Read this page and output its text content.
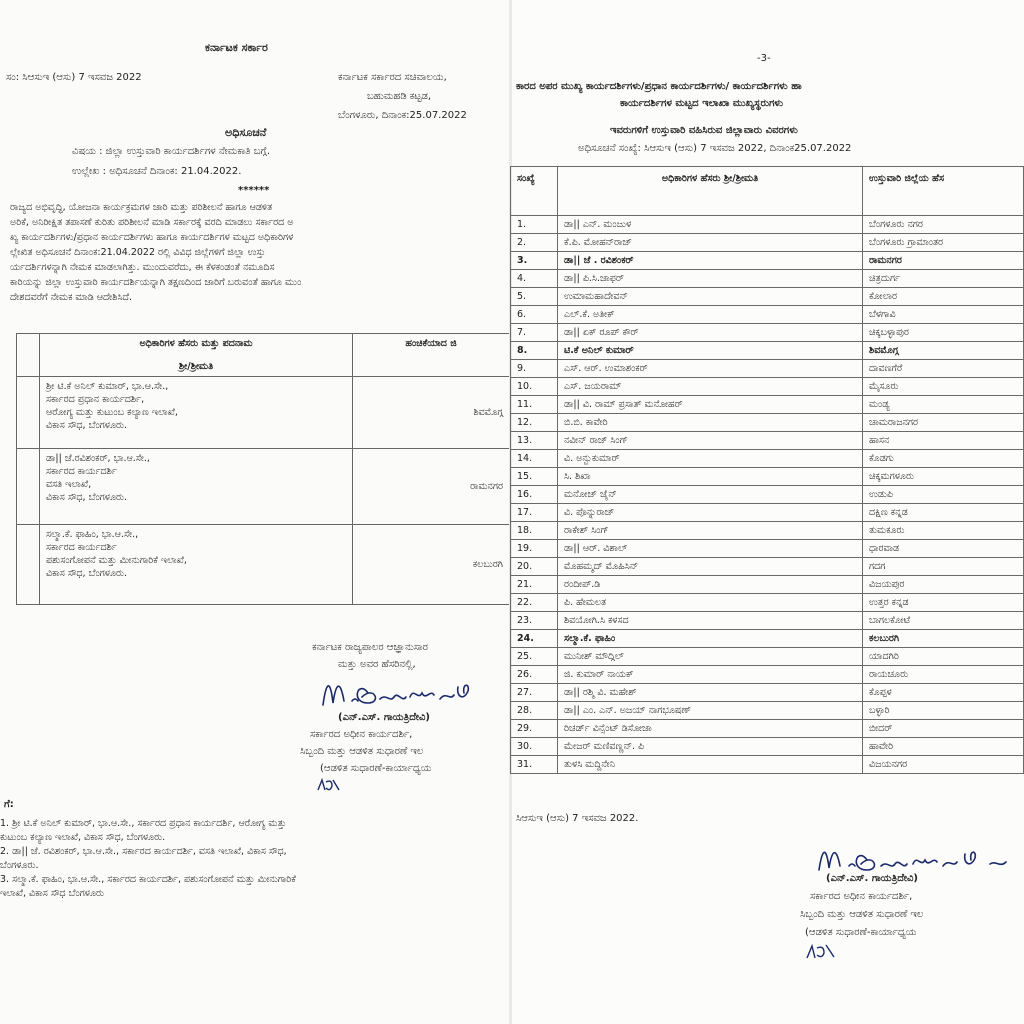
ಕರ್ನಾಟಕ ಸರ್ಕಾರ
ಸಂ: ಸಿಆಸುಇ (ಆಸು) 7 ಇಸವಜ 2022	ಕರ್ನಾಟಕ ಸರ್ಕಾರದ ಸಚಿವಾಲಯ,
ಬಹುಮಹಡಿ ಕಟ್ಟಡ,
ಬೆಂಗಳೂರು, ದಿನಾಂಕ:25.07.2022
ಅಧಿಸೂಚನೆ
ವಿಷಯ : ಜಿಲ್ಲಾ ಉಸ್ತುವಾರಿ ಕಾರ್ಯದರ್ಶಿಗಳ ನೇಮಕಾತಿ ಬಗ್ಗೆ.
ಉಲ್ಲೇಖ : ಅಧಿಸೂಚನೆ ದಿನಾಂಕ: 21.04.2022.
******
ರಾಜ್ಯದ ಅಭಿವೃದ್ಧಿ, ಯೋಜನಾ ಕಾರ್ಯಕ್ರಮಗಳ ಜಾರಿ ಮತ್ತು ಪರಿಶೀಲನೆ ಹಾಗೂ ಆಡಳಿತ
ಅರಿಕೆ, ಅನಿರೀಕ್ಷಿತ ತಪಾಸಣೆ ಕುರಿತು ಪರಿಶೀಲನೆ ಮಾಡಿ ಸರ್ಕಾರಕ್ಕೆ ವರದಿ ಮಾಡಲು ಸರ್ಕಾರದ ಅ
ಖ್ಯ ಕಾರ್ಯದರ್ಶಿಗಳು/ಪ್ರಧಾನ ಕಾರ್ಯದರ್ಶಿಗಳು ಹಾಗೂ ಕಾರ್ಯದರ್ಶಿಗಳ ಮಟ್ಟದ ಅಧಿಕಾರಿಗಳ
ಲ್ಲೇಖಿತ ಅಧಿಸೂಚನೆ ದಿನಾಂಕ:21.04.2022 ರಲ್ಲಿ ವಿವಿಧ ಜಿಲ್ಲೆಗಳಿಗೆ ಜಿಲ್ಲಾ ಉಸ್ತು
ರ್ಯದರ್ಶಿಗಳನ್ನಾಗಿ ನೇಮಕ ಮಾಡಲಾಗಿತ್ತು. ಮುಂದುವರೆದು, ಈ ಕೆಳಕಂಡಂತೆ ನಮೂದಿಸ
ಕಾರಿಯನ್ನು ಜಿಲ್ಲಾ ಉಸ್ತುವಾರಿ ಕಾರ್ಯದರ್ಶಿಯನ್ನಾಗಿ ತಕ್ಷಣದಿಂದ ಜಾರಿಗೆ ಬರುವಂತೆ ಹಾಗೂ ಮುಂ
ದೇಶದವರೆಗೆ ನೇಮಕ ಮಾಡಿ ಆದೇಶಿಸಿದೆ.

	ಅಧಿಕಾರಿಗಳ ಹೆಸರು ಮತ್ತು ಪದನಾಮ
ಶ್ರೀ/ಶ್ರೀಮತಿ	ಹಂಚಿಕೆಯಾದ ಜಿ

	ಶ್ರೀ ಟಿ.ಕೆ ಅನಿಲ್ ಕುಮಾರ್, ಭಾ.ಆ.ಸೇ.,
ಸರ್ಕಾರದ ಪ್ರಧಾನ ಕಾರ್ಯದರ್ಶಿ,
ಆರೋಗ್ಯ ಮತ್ತು ಕುಟುಂಬ ಕಲ್ಯಾಣ ಇಲಾಖೆ,
ವಿಕಾಸ ಸೌಧ, ಬೆಂಗಳೂರು.	ಶಿವಮೊಗ್ಗ

	ಡಾ|| ಜೆ.ರವಿಶಂಕರ್, ಭಾ.ಆ.ಸೇ.,
ಸರ್ಕಾರದ ಕಾರ್ಯದರ್ಶಿ
ವಸತಿ ಇಲಾಖೆ,
ವಿಕಾಸ ಸೌಧ, ಬೆಂಗಳೂರು.	ರಾಮನಗರ

	ಸಲ್ಮಾ.ಕೆ. ಫಾಹಿಂ, ಭಾ.ಆ.ಸೇ.,
ಸರ್ಕಾರದ ಕಾರ್ಯದರ್ಶಿ
ಪಶುಸಂಗೋಪನೆ ಮತ್ತು ಮೀನುಗಾರಿಕೆ ಇಲಾಖೆ,
ವಿಕಾಸ ಸೌಧ, ಬೆಂಗಳೂರು.	ಕಲಬುರಗಿ
ಕರ್ನಾಟಕ ರಾಜ್ಯಪಾಲರ ಆಜ್ಞಾನುಸಾರ
ಮತ್ತು ಅವರ ಹೆಸರಿನಲ್ಲಿ,
(ಎನ್.ಎಸ್. ಗಾಯತ್ರಿದೇವಿ)
ಸರ್ಕಾರದ ಅಧೀನ ಕಾರ್ಯದರ್ಶಿ,
ಸಿಬ್ಬಂದಿ ಮತ್ತು ಆಡಳಿತ ಸುಧಾರಣೆ ಇಲ
(ಆಡಳಿತ ಸುಧಾರಣೆ-ಕಾರ್ಯಾಧ್ಯಯ
ಗೆ:
1. ಶ್ರೀ ಟಿ.ಕೆ ಅನಿಲ್ ಕುಮಾರ್, ಭಾ.ಆ.ಸೇ., ಸರ್ಕಾರದ ಪ್ರಧಾನ ಕಾರ್ಯದರ್ಶಿ, ಆರೋಗ್ಯ ಮತ್ತು
ಕುಟುಂಬ ಕಲ್ಯಾಣ ಇಲಾಖೆ, ವಿಕಾಸ ಸೌಧ, ಬೆಂಗಳೂರು.
2. ಡಾ|| ಜೆ. ರವಿಶಂಕರ್, ಭಾ.ಆ.ಸೇ., ಸರ್ಕಾರದ ಕಾರ್ಯದರ್ಶಿ, ವಸತಿ ಇಲಾಖೆ, ವಿಕಾಸ ಸೌಧ,
ಬೆಂಗಳೂರು.
3. ಸಲ್ಮಾ.ಕೆ. ಫಾಹಿಂ, ಭಾ.ಆ.ಸೇ., ಸರ್ಕಾರದ ಕಾರ್ಯದರ್ಶಿ, ಪಶುಸಂಗೋಪನೆ ಮತ್ತು ಮೀನುಗಾರಿಕೆ
ಇಲಾಖೆ, ವಿಕಾಸ ಸೌಧ ಬೆಂಗಳೂರು
-3-
ಕಾರದ ಅಪರ ಮುಖ್ಯ ಕಾರ್ಯದರ್ಶಿಗಳು/ಪ್ರಧಾನ ಕಾರ್ಯದರ್ಶಿಗಳು/ ಕಾರ್ಯದರ್ಶಿಗಳು ಹಾ
ಕಾರ್ಯದರ್ಶಿಗಳ ಮಟ್ಟದ ಇಲಾಖಾ ಮುಖ್ಯಸ್ಥರುಗಳು
ಇವರುಗಳಿಗೆ ಉಸ್ತುವಾರಿ ವಹಿಸಿರುವ ಜಿಲ್ಲಾವಾರು ವಿವರಗಳು
ಅಧಿಸೂಚನೆ ಸಂಖ್ಯೆ: ಸಿಆಸುಇ (ಆಸು) 7 ಇಸವಜ 2022, ದಿನಾಂಕ25.07.2022
ಸಂಖ್ಯೆ	ಅಧಿಕಾರಿಗಳ ಹೆಸರು ಶ್ರೀ/ಶ್ರೀಮತಿ	ಉಸ್ತುವಾರಿ ಜಿಲ್ಲೆಯ ಹೆಸ
1.	ಡಾ|| ಎನ್. ಮಂಜುಳ	ಬೆಂಗಳೂರು ನಗರ
2.	ಕೆ.ಪಿ. ಮೋಹನ್‌ರಾಜ್	ಬೆಂಗಳೂರು ಗ್ರಾಮಾಂತರ
3.	ಡಾ|| ಜೆ . ರವಿಶಂಕರ್	ರಾಮನಗರ
4.	ಡಾ|| ಪಿ.ಸಿ.ಜಾಫರ್	ಚಿತ್ರದುರ್ಗ
5.	ಉಮಾಮಹಾದೇವನ್	ಕೋಲಾರ
6.	ಎಲ್.ಕೆ. ಅತೀಕ್	ಬೆಳಗಾವಿ
7.	ಡಾ|| ಏಕ್ ರೂಪ್ ಕೌರ್	ಚಿಕ್ಕಬಳ್ಳಾಪುರ
8.	ಟಿ.ಕೆ ಅನಿಲ್ ಕುಮಾರ್	ಶಿವಮೊಗ್ಗ
9.	ಎಸ್. ಆರ್. ಉಮಾಶಂಕರ್	ದಾವಣಗೆರೆ
10.	ಎಸ್. ಜಯರಾಮ್	ಮೈಸೂರು
11.	ಡಾ|| ವಿ. ರಾಮ್ ಪ್ರಸಾತ್ ಮನೋಹರ್	ಮಂಡ್ಯ
12.	ಬಿ.ಬಿ. ಕಾವೇರಿ	ಚಾಮರಾಜನಗರ
13.	ನವೀನ್ ರಾಜ್ ಸಿಂಗ್	ಹಾಸನ
14.	ವಿ. ಅನ್ಬುಕುಮಾರ್	ಕೊಡಗು
15.	ಸಿ. ಶಿಖಾ	ಚಿಕ್ಕಮಗಳೂರು
16.	ಮನೋಜ್ ಜೈನ್	ಉಡುಪಿ
17.	ವಿ. ಪೊನ್ನುರಾಜ್	ದಕ್ಷಿಣ ಕನ್ನಡ
18.	ರಾಕೇಶ್ ಸಿಂಗ್	ತುಮಕೂರು
19.	ಡಾ|| ಆರ್. ವಿಶಾಲ್	ಧಾರವಾಡ
20.	ಮೊಹಮ್ಮದ್ ಮೊಹಿಸಿನ್	ಗದಗ
21.	ರಂದೀಪ್.ಡಿ	ವಿಜಯಪುರ
22.	ಪಿ. ಹೇಮಲತ	ಉತ್ತರ ಕನ್ನಡ
23.	ಶಿವಯೋಗಿ.ಸಿ ಕಳಸದ	ಬಾಗಲಕೋಟೆ
24.	ಸಲ್ಮಾ.ಕೆ. ಫಾಹಿಂ	ಕಲಬುರಗಿ
25.	ಮುನೀಶ್ ಮೌದ್ಗಿಲ್	ಯಾದಗಿರಿ
26.	ಜಿ. ಕುಮಾರ್ ನಾಯಕ್	ರಾಯಚೂರು
27.	ಡಾ|| ರಶ್ಮಿ ವಿ. ಮಹೇಶ್	ಕೊಪ್ಪಳ
28.	ಡಾ|| ಎಂ. ಎನ್. ಅಜಯ್ ನಾಗಭೂಷಣ್	ಬಳ್ಳಾರಿ
29.	ರಿಚರ್ಡ್ ವಿನ್ಸೆಂಟ್ ಡಿಸೋಜಾ	ಬೀದರ್
30.	ಮೇಜರ್ ಮಣಿವಣ್ಣನ್. ಪಿ	ಹಾವೇರಿ
31.	ತುಳಸಿ ಮದ್ದಿನೇನಿ	ವಿಜಯನಗರ
ಸಿಆಸುಇ (ಆಸು) 7 ಇಸವಜ 2022.
(ಎನ್.ಎಸ್. ಗಾಯತ್ರಿದೇವಿ)
ಸರ್ಕಾರದ ಅಧೀನ ಕಾರ್ಯದರ್ಶಿ,
ಸಿಬ್ಬಂದಿ ಮತ್ತು ಆಡಳಿತ ಸುಧಾರಣೆ ಇಲ
(ಆಡಳಿತ ಸುಧಾರಣೆ-ಕಾರ್ಯಾಧ್ಯಯ
